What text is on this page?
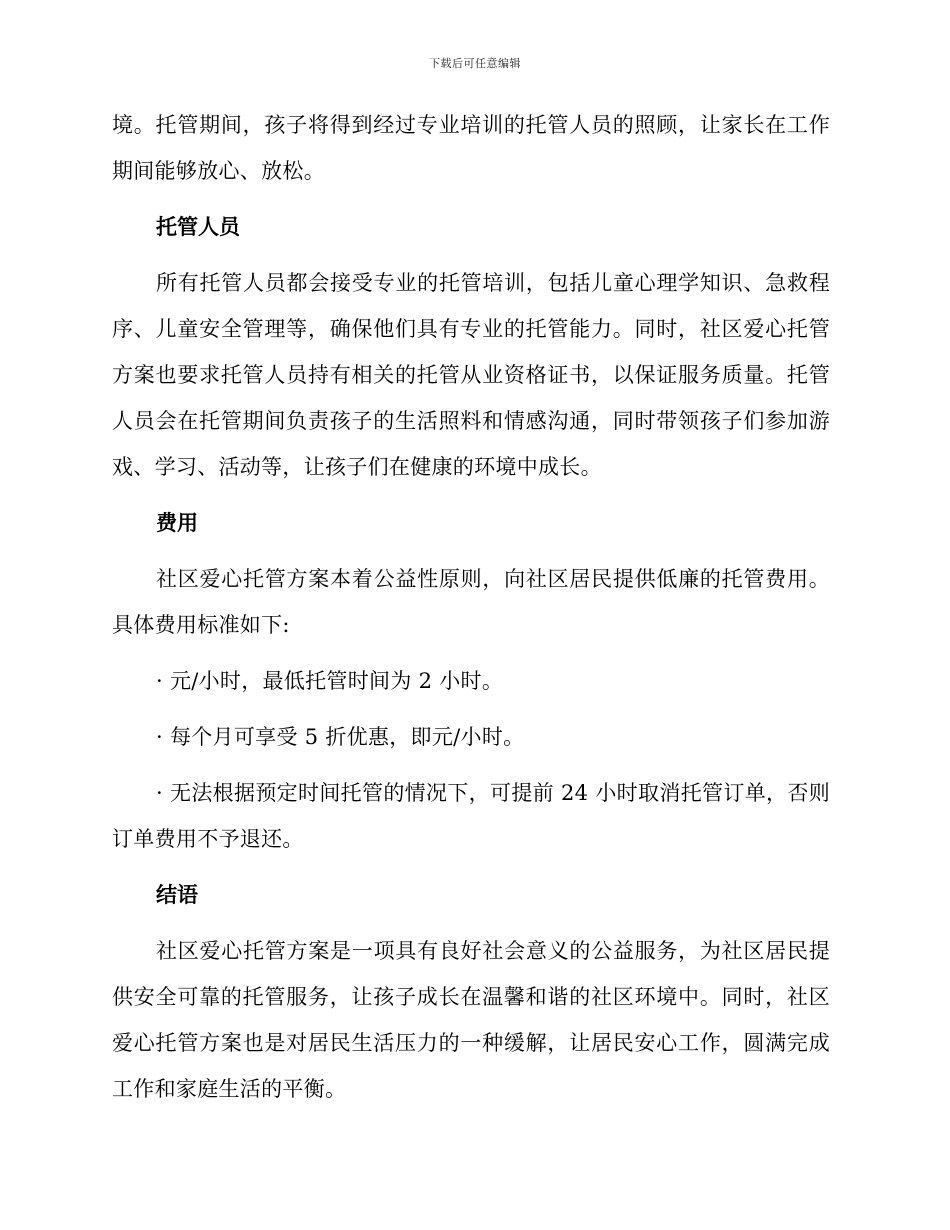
下载后可任意编辑

境。托管期间，孩子将得到经过专业培训的托管人员的照顾，让家长在工作期间能够放心、放松。

托管人员

所有托管人员都会接受专业的托管培训，包括儿童心理学知识、急救程序、儿童安全管理等，确保他们具有专业的托管能力。同时，社区爱心托管方案也要求托管人员持有相关的托管从业资格证书，以保证服务质量。托管人员会在托管期间负责孩子的生活照料和情感沟通，同时带领孩子们参加游戏、学习、活动等，让孩子们在健康的环境中成长。

费用

社区爱心托管方案本着公益性原则，向社区居民提供低廉的托管费用。具体费用标准如下:

· 元/小时，最低托管时间为 2 小时。

· 每个月可享受 5 折优惠，即元/小时。

· 无法根据预定时间托管的情况下，可提前 24 小时取消托管订单，否则订单费用不予退还。

结语

社区爱心托管方案是一项具有良好社会意义的公益服务，为社区居民提供安全可靠的托管服务，让孩子成长在温馨和谐的社区环境中。同时，社区爱心托管方案也是对居民生活压力的一种缓解，让居民安心工作，圆满完成工作和家庭生活的平衡。
